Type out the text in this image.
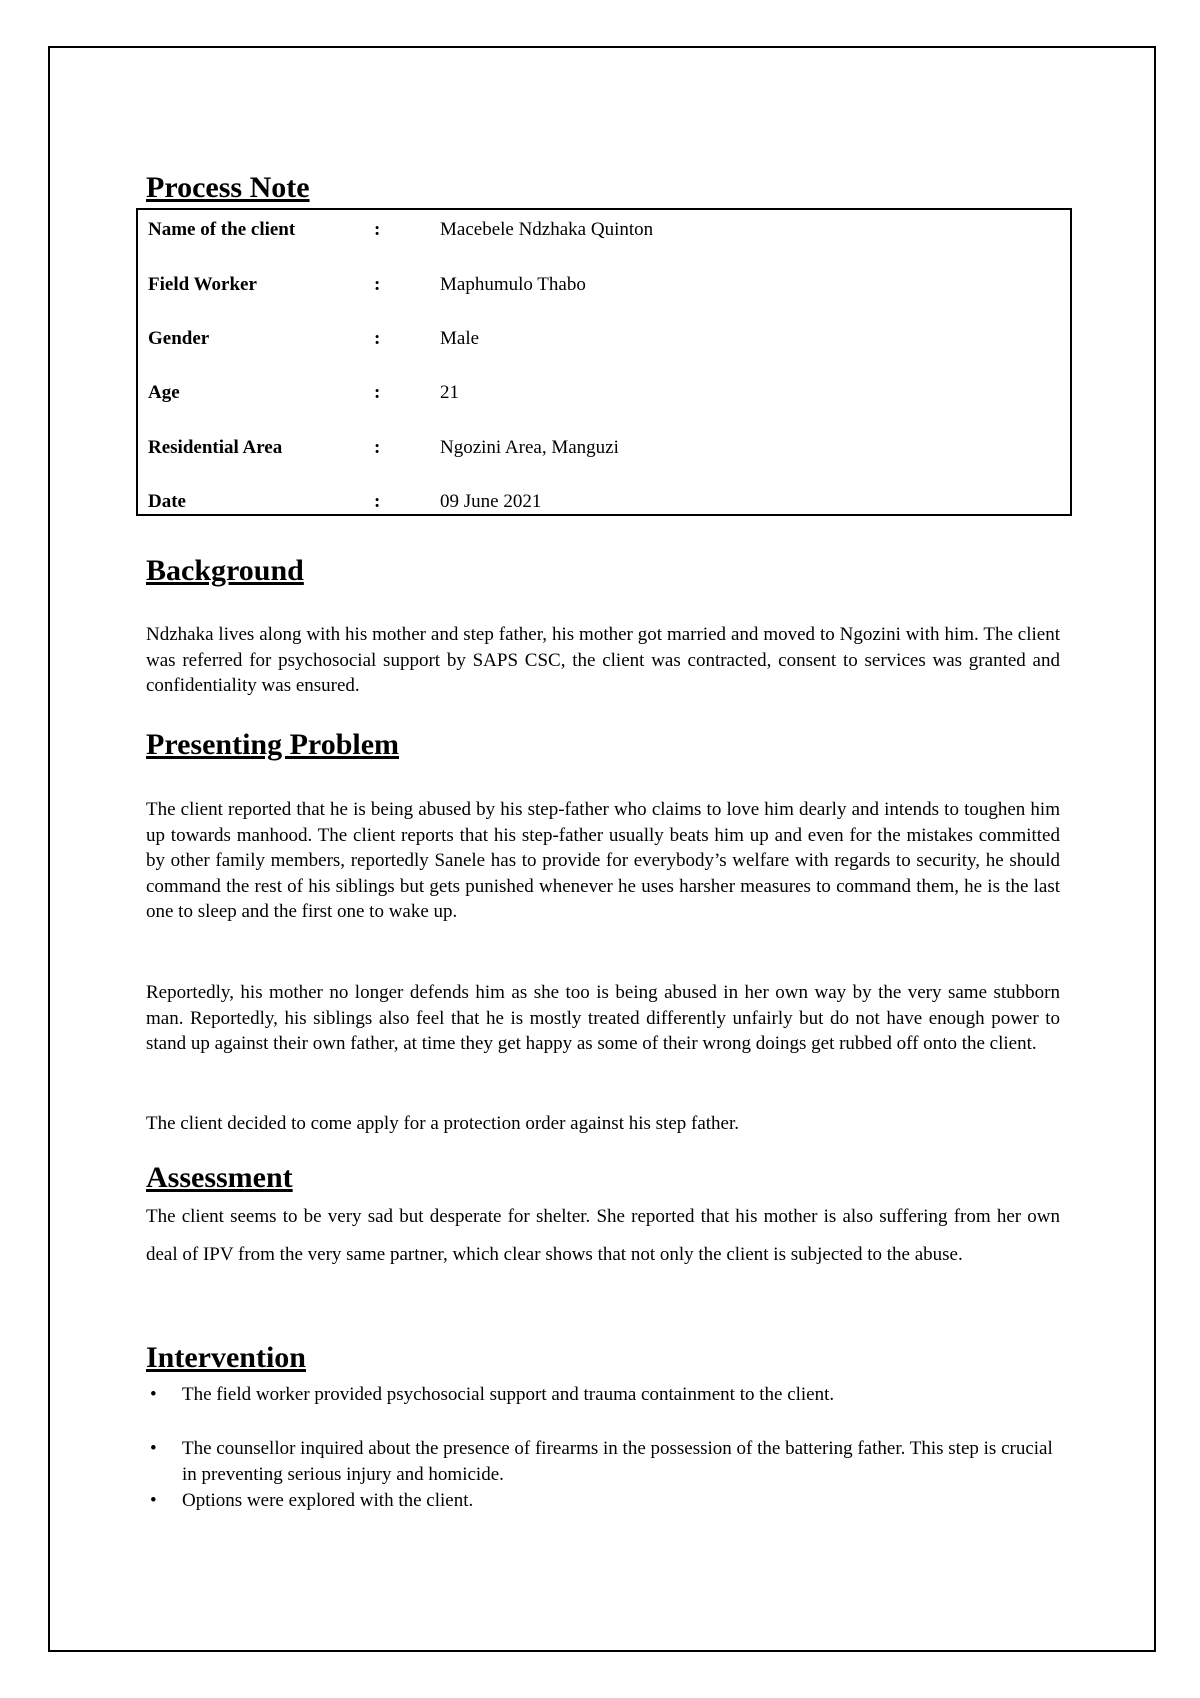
Process Note
Name of the client	:	Macebele Ndzhaka Quinton
Field Worker	:	Maphumulo Thabo
Gender	:	Male
Age	:	21
Residential Area	:	Ngozini Area, Manguzi
Date	:	09 June 2021
Background

Ndzhaka lives along with his mother and step father, his mother got married and moved to Ngozini with him. The client was referred for psychosocial support by SAPS CSC, the client was contracted, consent to services was granted and confidentiality was ensured.

Presenting Problem

The client reported that he is being abused by his step-father who claims to love him dearly and intends to toughen him up towards manhood. The client reports that his step-father usually beats him up and even for the mistakes committed by other family members, reportedly Sanele has to provide for everybody’s welfare with regards to security, he should command the rest of his siblings but gets punished whenever he uses harsher measures to command them, he is the last one to sleep and the first one to wake up.

Reportedly, his mother no longer defends him as she too is being abused in her own way by the very same stubborn man. Reportedly, his siblings also feel that he is mostly treated differently unfairly but do not have enough power to stand up against their own father, at time they get happy as some of their wrong doings get rubbed off onto the client.

The client decided to come apply for a protection order against his step father.

Assessment

The client seems to be very sad but desperate for shelter. She reported that his mother is also suffering from her own deal of IPV from the very same partner, which clear shows that not only the client is subjected to the abuse.

Intervention
• The field worker provided psychosocial support and trauma containment to the client.
• The counsellor inquired about the presence of firearms in the possession of the battering father. This step is crucial in preventing serious injury and homicide.
• Options were explored with the client.
